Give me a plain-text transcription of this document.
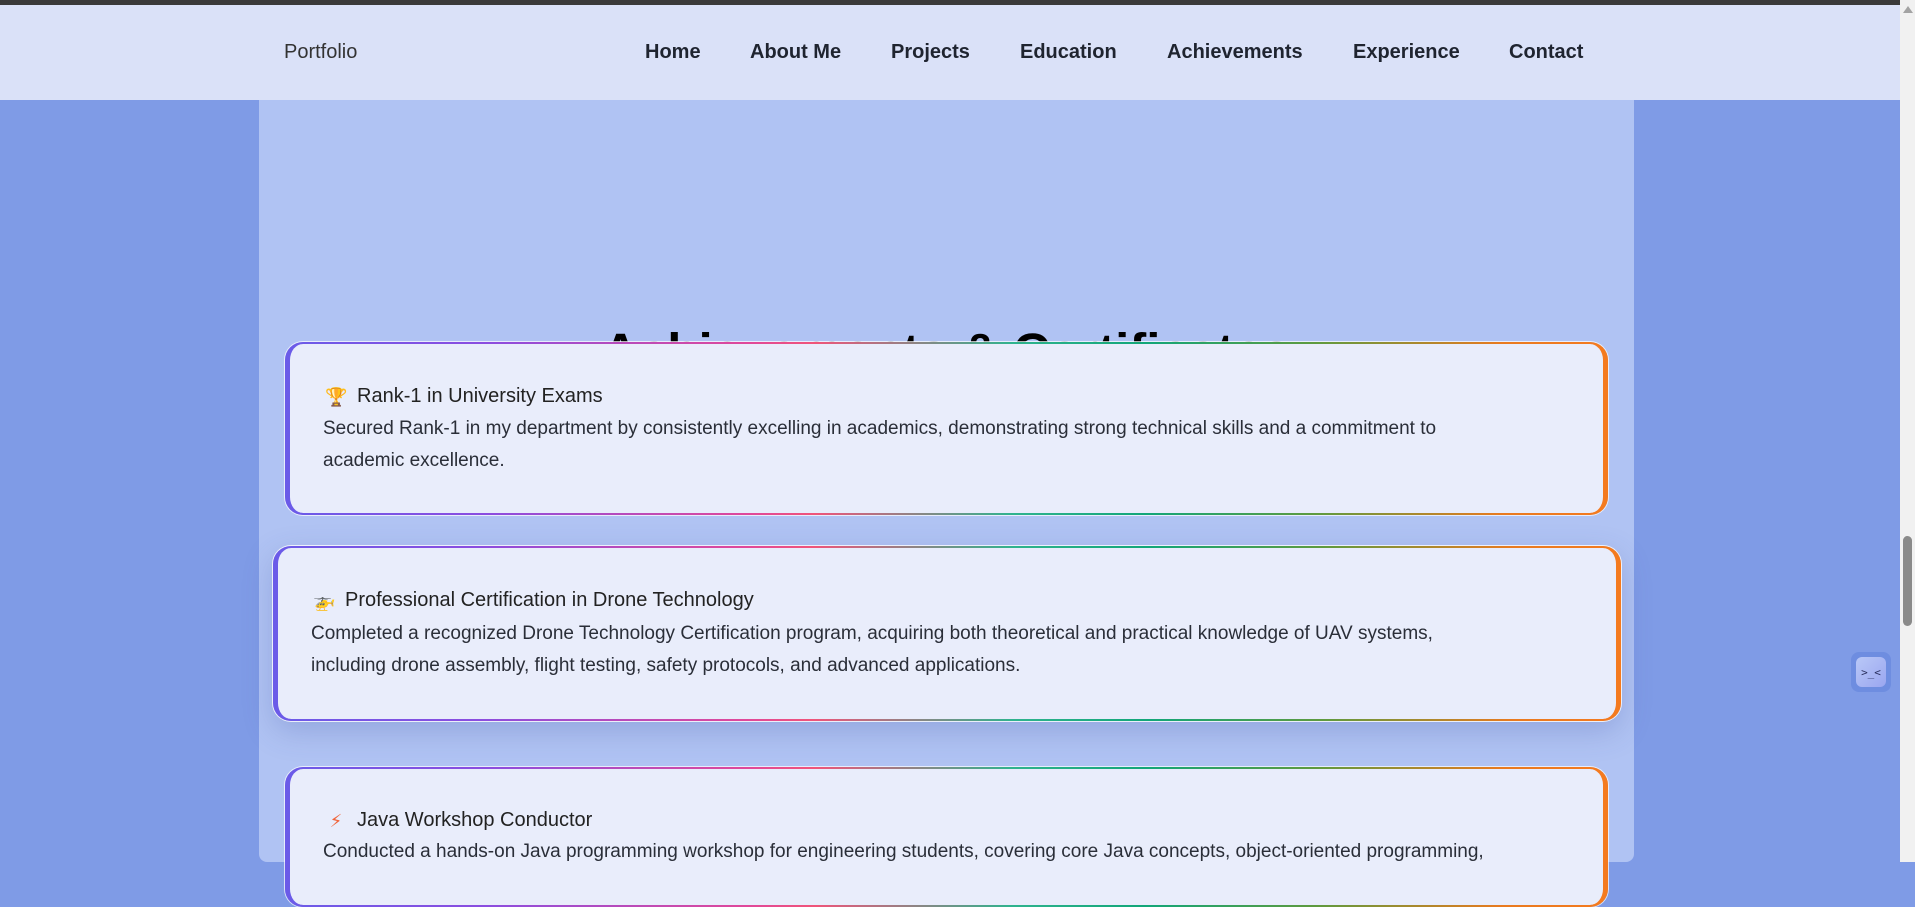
Portfolio	Home About Me Projects	Education	Achievements	Experience Contact
🏆 Rank-1 in University Exams
Secured Rank-1 in my department by consistently excelling in academics, demonstrating strong technical skills and a commitment to
academic excellence.
🚁 Professional Certification in Drone Technology
Completed a recognized Drone Technology Certification program, acquiring both theoretical and practical knowledge of UAV systems,
including drone assembly, flight testing, safety protocols, and advanced applications.
⚡ Java Workshop Conductor
Conducted a hands-on Java programming workshop for engineering students, covering core Java concepts, object-oriented programming,
>_<
